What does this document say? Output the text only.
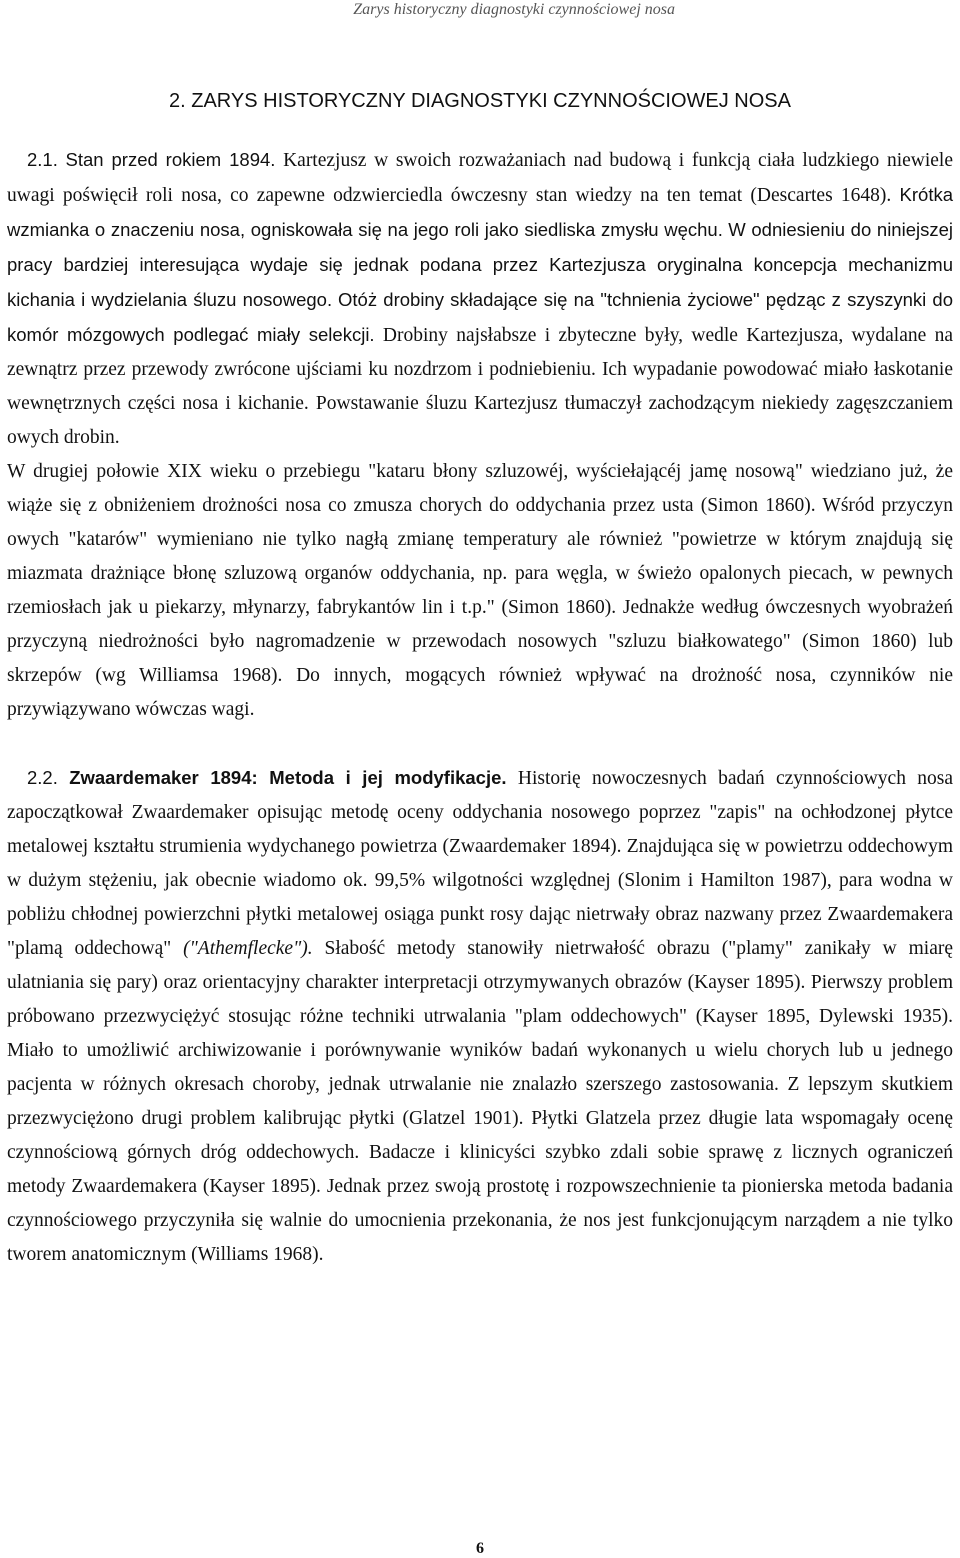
Zarys historyczny diagnostyki czynnościowej nosa
2. ZARYS HISTORYCZNY DIAGNOSTYKI CZYNNOŚCIOWEJ NOSA

2.1. Stan przed rokiem 1894. Kartezjusz w swoich rozważaniach nad budową i funkcją ciała ludzkiego niewiele uwagi poświęcił roli nosa, co zapewne odzwierciedla ówczesny stan wiedzy na ten temat (Descartes 1648). Krótka wzmianka o znaczeniu nosa, ogniskowała się na jego roli jako siedliska zmysłu węchu. W odniesieniu do niniejszej pracy bardziej interesująca wydaje się jednak podana przez Kartezjusza oryginalna koncepcja mechanizmu kichania i wydzielania śluzu nosowego. Otóż drobiny składające się na "tchnienia życiowe" pędząc z szyszynki do komór mózgowych podlegać miały selekcji. Drobiny najsłabsze i zbyteczne były, wedle Kartezjusza, wydalane na zewnątrz przez przewody zwrócone ujściami ku nozdrzom i podniebieniu. Ich wypadanie powodować miało łaskotanie wewnętrznych części nosa i kichanie. Powstawanie śluzu Kartezjusz tłumaczył zachodzącym niekiedy zagęszczaniem owych drobin.

W drugiej połowie XIX wieku o przebiegu "kataru błony szluzowéj, wyściełającéj jamę nosową" wiedziano już, że wiąże się z obniżeniem drożności nosa co zmusza chorych do oddychania przez usta (Simon 1860). Wśród przyczyn owych "katarów" wymieniano nie tylko nagłą zmianę temperatury ale również "powietrze w którym znajdują się miazmata drażniące błonę szluzową organów oddychania, np. para węgla, w świeżo opalonych piecach, w pewnych rzemiosłach jak u piekarzy, młynarzy, fabrykantów lin i t.p." (Simon 1860). Jednakże według ówczesnych wyobrażeń przyczyną niedrożności było nagromadzenie w przewodach nosowych "szluzu białkowatego" (Simon 1860) lub skrzepów (wg Williamsa 1968). Do innych, mogących również wpływać na drożność nosa, czynników nie przywiązywano wówczas wagi.

2.2. Zwaardemaker 1894: Metoda i jej modyfikacje. Historię nowoczesnych badań czynnościowych nosa zapoczątkował Zwaardemaker opisując metodę oceny oddychania nosowego poprzez "zapis" na ochłodzonej płytce metalowej kształtu strumienia wydychanego powietrza (Zwaardemaker 1894). Znajdująca się w powietrzu oddechowym w dużym stężeniu, jak obecnie wiadomo ok. 99,5% wilgotności względnej (Slonim i Hamilton 1987), para wodna w pobliżu chłodnej powierzchni płytki metalowej osiąga punkt rosy dając nietrwały obraz nazwany przez Zwaardemakera "plamą oddechową" ("Athemflecke"). Słabość metody stanowiły nietrwałość obrazu ("plamy" zanikały w miarę ulatniania się pary) oraz orientacyjny charakter interpretacji otrzymywanych obrazów (Kayser 1895). Pierwszy problem próbowano przezwyciężyć stosując różne techniki utrwalania "plam oddechowych" (Kayser 1895, Dylewski 1935). Miało to umożliwić archiwizowanie i porównywanie wyników badań wykonanych u wielu chorych lub u jednego pacjenta w różnych okresach choroby, jednak utrwalanie nie znalazło szerszego zastosowania. Z lepszym skutkiem przezwyciężono drugi problem kalibrując płytki (Glatzel 1901). Płytki Glatzela przez długie lata wspomagały ocenę czynnościową górnych dróg oddechowych. Badacze i klinicyści szybko zdali sobie sprawę z licznych ograniczeń metody Zwaardemakera (Kayser 1895). Jednak przez swoją prostotę i rozpowszechnienie ta pionierska metoda badania czynnościowego przyczyniła się walnie do umocnienia przekonania, że nos jest funkcjonującym narządem a nie tylko tworem anatomicznym (Williams 1968).

6
